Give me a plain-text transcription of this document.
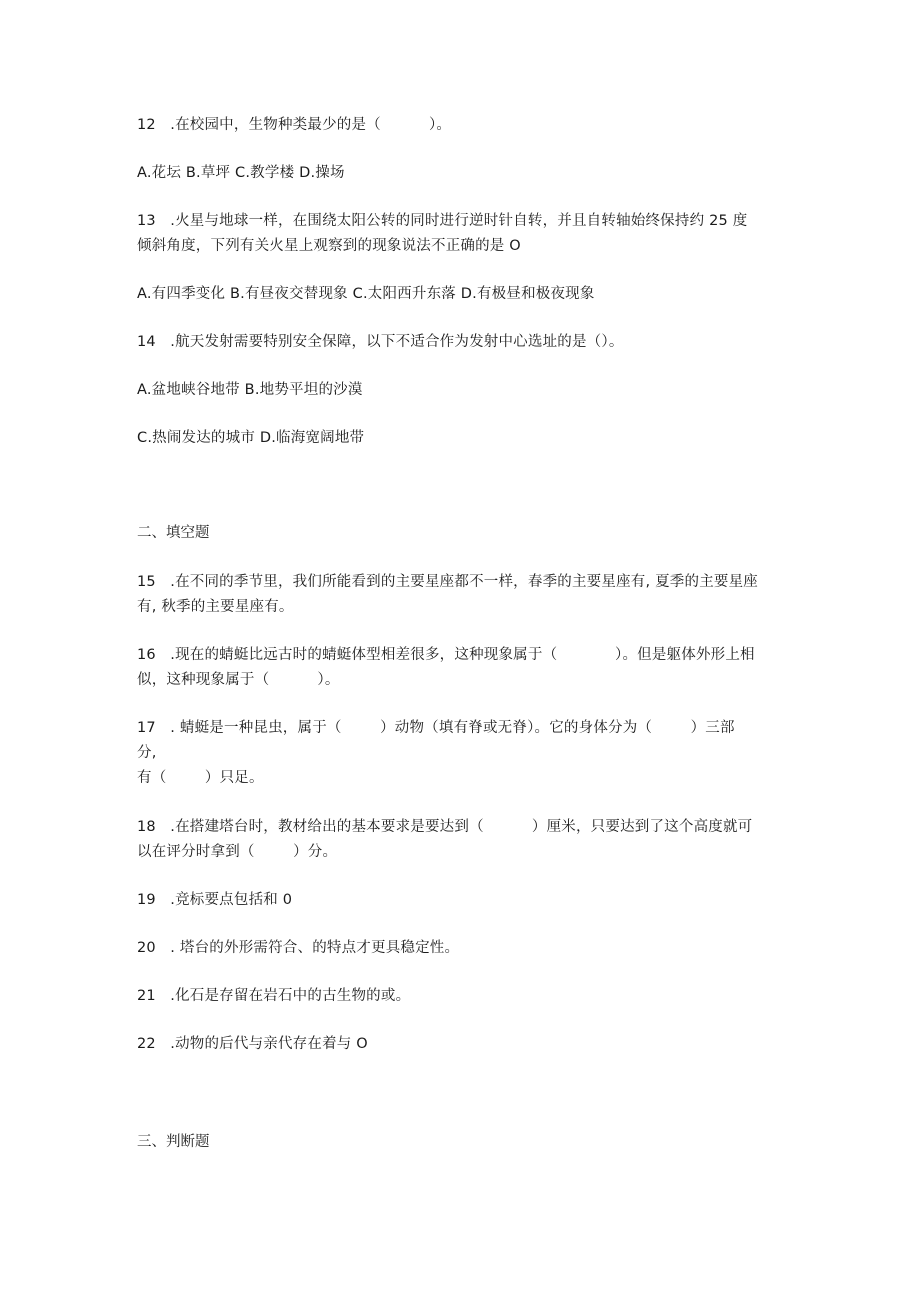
12   .在校园中，生物种类最少的是（          ）。
A.花坛 B.草坪 C.教学楼 D.操场
13   .火星与地球一样，在围绕太阳公转的同时进行逆时针自转，并且自转轴始终保持约 25 度
倾斜角度，下列有关火星上观察到的现象说法不正确的是 O
A.有四季变化 B.有昼夜交替现象 C.太阳西升东落 D.有极昼和极夜现象
14   .航天发射需要特别安全保障，以下不适合作为发射中心选址的是（）。
A.盆地峡谷地带 B.地势平坦的沙漠
C.热闹发达的城市 D.临海宽阔地带
二、填空题
15   .在不同的季节里，我们所能看到的主要星座都不一样，春季的主要星座有, 夏季的主要星座
有, 秋季的主要星座有。
16   .现在的蜻蜓比远古时的蜻蜓体型相差很多，这种现象属于（            ）。但是躯体外形上相
似，这种现象属于（          ）。
17   . 蜻蜓是一种昆虫，属于（        ）动物（填有脊或无脊）。它的身体分为（        ）三部
分,
有（        ）只足。
18   .在搭建塔台时，教材给出的基本要求是要达到（          ）厘米，只要达到了这个高度就可
以在评分时拿到（        ）分。
19   .竞标要点包括和 0
20   . 塔台的外形需符合、的特点才更具稳定性。
21   .化石是存留在岩石中的古生物的或。
22   .动物的后代与亲代存在着与 O
三、判断题
